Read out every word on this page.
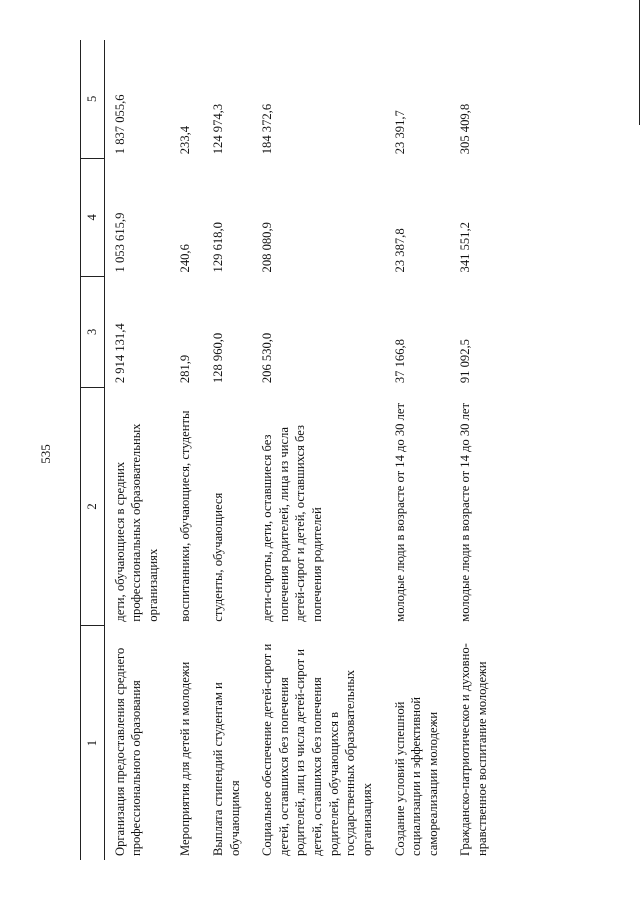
535
1	2	3	4	5
Организация предоставления среднего профессионального образования	дети, обучающиеся в средних профессиональных образовательных организациях	2 914 131,4	1 053 615,9	1 837 055,6
Мероприятия для детей и молодежи	воспитанники, обучающиеся, студенты	281,9	240,6	233,4
Выплата стипендий студентам и обучающимся	студенты, обучающиеся	128 960,0	129 618,0	124 974,3
Социальное обеспечение детей-сирот и детей, оставшихся без попечения родителей, лиц из числа детей-сирот и детей, оставшихся без попечения родителей, обучающихся в государственных образовательных организациях	дети-сироты, дети, оставшиеся без попечения родителей, лица из числа детей-сирот и детей, оставшихся без попечения родителей	206 530,0	208 080,9	184 372,6
Создание условий успешной социализации и эффективной самореализации молодежи	молодые люди в возрасте от 14 до 30 лет	37 166,8	23 387,8	23 391,7
Гражданско-патриотическое и духовно-нравственное воспитание молодежи	молодые люди в возрасте от 14 до 30 лет	91 092,5	341 551,2	305 409,8
